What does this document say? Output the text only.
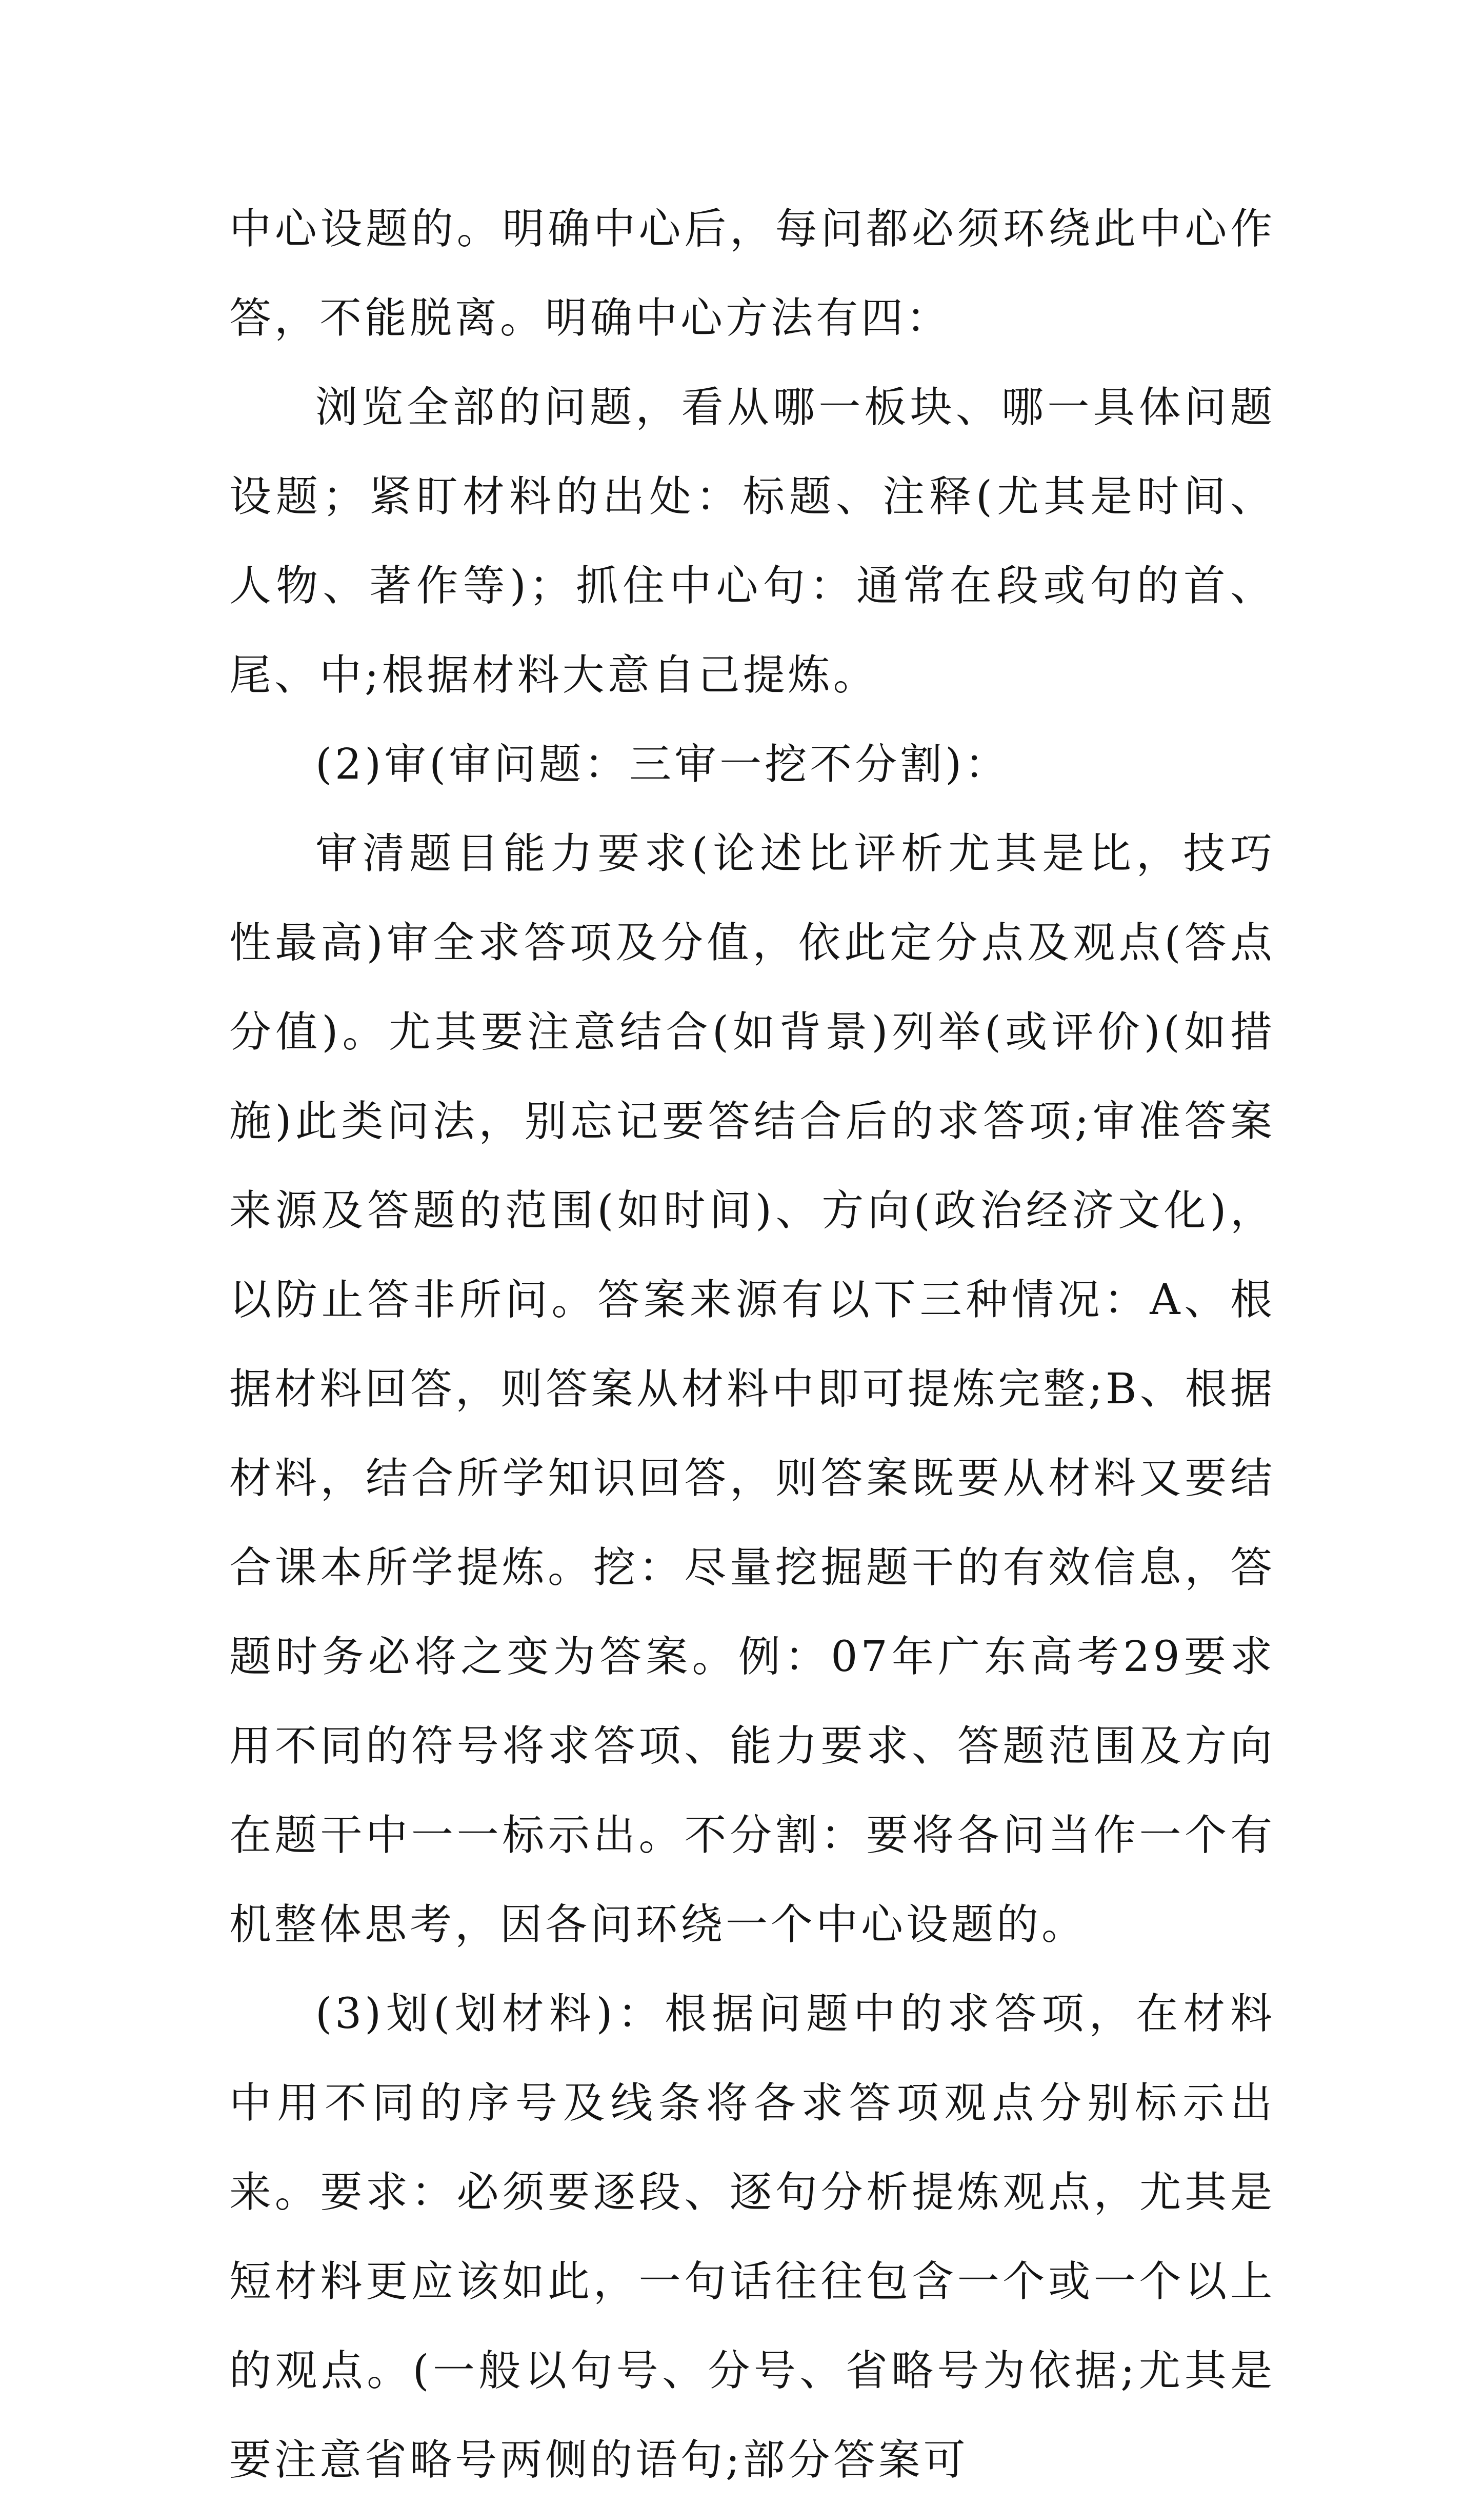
中心设题的。明确中心后，每问都必须环绕此中心作答，不能脱离。明确中心方法有四：

浏览全部的问题，看从哪一板块、哪一具体问题设题；紧盯材料的出处：标题、注释(尤其是时间、人物、著作等)；抓住中心句：通常在段或句的首、尾、中;根据材料大意自己提炼。

(2)审(审问题：三审一挖不分割)：

审清题目能力要求(论述比评析尤其是比，技巧性最高)审全求答项及分值，依此定分点及观点(答点分值)。尤其要注意结合(如背景)列举(或评价)(如措施)此类问法，别忘记要答结合后的求答项;审准答案来源及答题的范围(如时间)、方向(政治经济文化)，以防止答非所问。答案来源有以下三种情况：A、根据材料回答，则答案从材料中即可提炼完整;B、根据材料，结合所学知识回答，则答案既要从材料又要结合课本所学提炼。挖：尽量挖掘题干的有效信息，答题时务必将之变为答案。例：07年广东高考29要求用不同的符号将求答项、能力要求、答题范围及方向在题干中一一标示出。不分割：要将各问当作一个有机整体思考，因各问环绕一个中心设题的。

(3)划(划材料)：根据问题中的求答项，在材料中用不同的序号及线条将各求答项观点分别标示出来。要求：必须要逐段、逐句分析提炼观点，尤其是短材料更应该如此，一句话往往包含一个或一个以上的观点。(一般以句号、分号、省略号为依据;尤其是要注意省略号两侧的语句;部分答案可
